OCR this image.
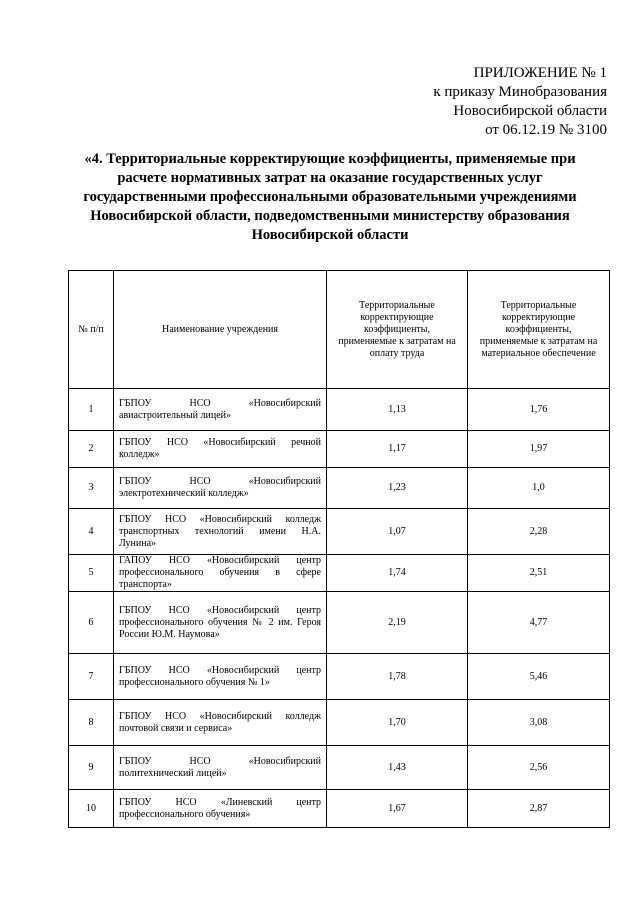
ПРИЛОЖЕНИЕ № 1
к приказу Минобразования
Новосибирской области
от 06.12.19 № 3100
«4. Территориальные корректирующие коэффициенты, применяемые при расчете нормативных затрат на оказание государственных услуг государственными профессиональными образовательными учреждениями Новосибирской области, подведомственными министерству образования Новосибирской области
№ п/п	Наименование учреждения	Территориальные корректирующие коэффициенты, применяемые к затратам на оплату труда	Территориальные корректирующие коэффициенты, применяемые к затратам на материальное обеспечение

1	ГБПОУ НСО «Новосибирский авиастроительный лицей»	1,13	1,76
2	ГБПОУ НСО «Новосибирский речной колледж»	1,17	1,97
3	ГБПОУ НСО «Новосибирский электротехнический колледж»	1,23	1,0
4	ГБПОУ НСО «Новосибирский колледж транспортных технологий имени Н.А. Лунина»	1,07	2,28
5	ГАПОУ НСО «Новосибирский центр профессионального обучения в сфере транспорта»	1,74	2,51
6	ГБПОУ НСО «Новосибирский центр профессионального обучения № 2 им. Героя России Ю.М. Наумова»	2,19	4,77
7	ГБПОУ НСО «Новосибирский центр профессионального обучения № 1»	1,78	5,46
8	ГБПОУ НСО «Новосибирский колледж почтовой связи и сервиса»	1,70	3,08
9	ГБПОУ НСО «Новосибирский политехнический лицей»	1,43	2,56
10	ГБПОУ НСО «Линевский центр профессионального обучения»	1,67	2,87
